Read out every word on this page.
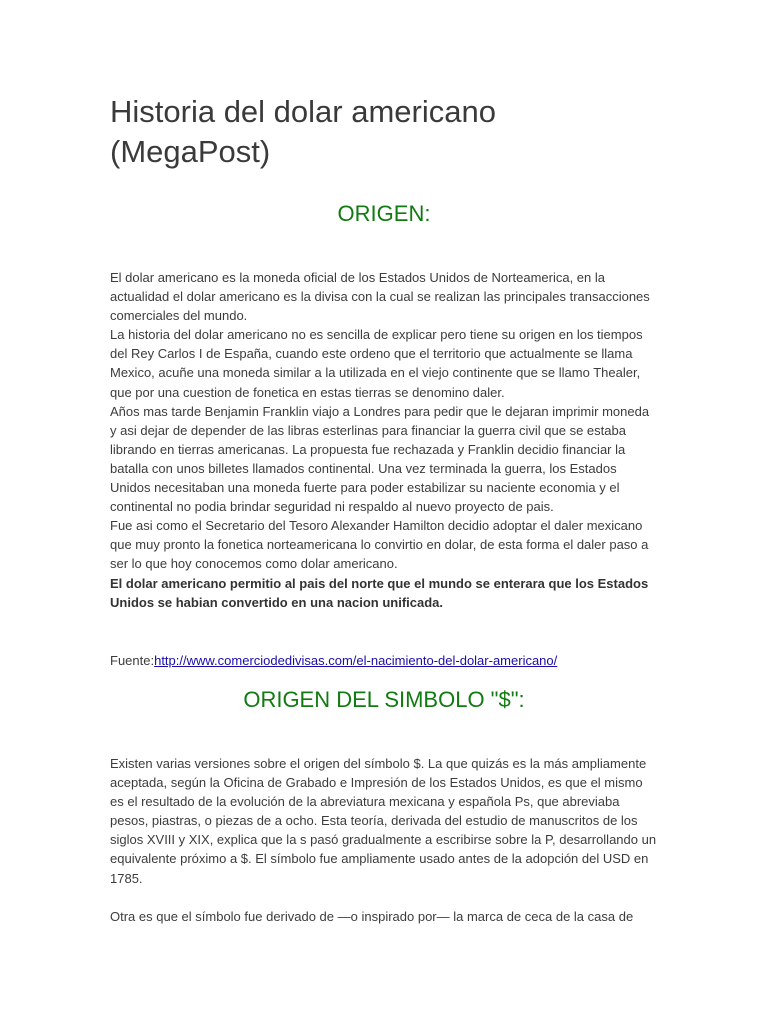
Historia del dolar americano (MegaPost)
ORIGEN:

El dolar americano es la moneda oficial de los Estados Unidos de Norteamerica, en la actualidad el dolar americano es la divisa con la cual se realizan las principales transacciones comerciales del mundo.

La historia del dolar americano no es sencilla de explicar pero tiene su origen en los tiempos del Rey Carlos I de España, cuando este ordeno que el territorio que actualmente se llama Mexico, acuñe una moneda similar a la utilizada en el viejo continente que se llamo Thealer, que por una cuestion de fonetica en estas tierras se denomino daler.

Años mas tarde Benjamin Franklin viajo a Londres para pedir que le dejaran imprimir moneda y asi dejar de depender de las libras esterlinas para financiar la guerra civil que se estaba librando en tierras americanas. La propuesta fue rechazada y Franklin decidio financiar la batalla con unos billetes llamados continental. Una vez terminada la guerra, los Estados Unidos necesitaban una moneda fuerte para poder estabilizar su naciente economia y el continental no podia brindar seguridad ni respaldo al nuevo proyecto de pais.

Fue asi como el Secretario del Tesoro Alexander Hamilton decidio adoptar el daler mexicano que muy pronto la fonetica norteamericana lo convirtio en dolar, de esta forma el daler paso a ser lo que hoy conocemos como dolar americano.

El dolar americano permitio al pais del norte que el mundo se enterara que los Estados Unidos se habian convertido en una nacion unificada.

Fuente:http://www.comerciodedivisas.com/el-nacimiento-del-dolar-americano/
ORIGEN DEL SIMBOLO "$":

Existen varias versiones sobre el origen del símbolo $. La que quizás es la más ampliamente aceptada, según la Oficina de Grabado e Impresión de los Estados Unidos, es que el mismo es el resultado de la evolución de la abreviatura mexicana y española Ps, que abreviaba pesos, piastras, o piezas de a ocho. Esta teoría, derivada del estudio de manuscritos de los siglos XVIII y XIX, explica que la s pasó gradualmente a escribirse sobre la P, desarrollando un equivalente próximo a $. El símbolo fue ampliamente usado antes de la adopción del USD en 1785.

Otra es que el símbolo fue derivado de —o inspirado por— la marca de ceca de la casa de
